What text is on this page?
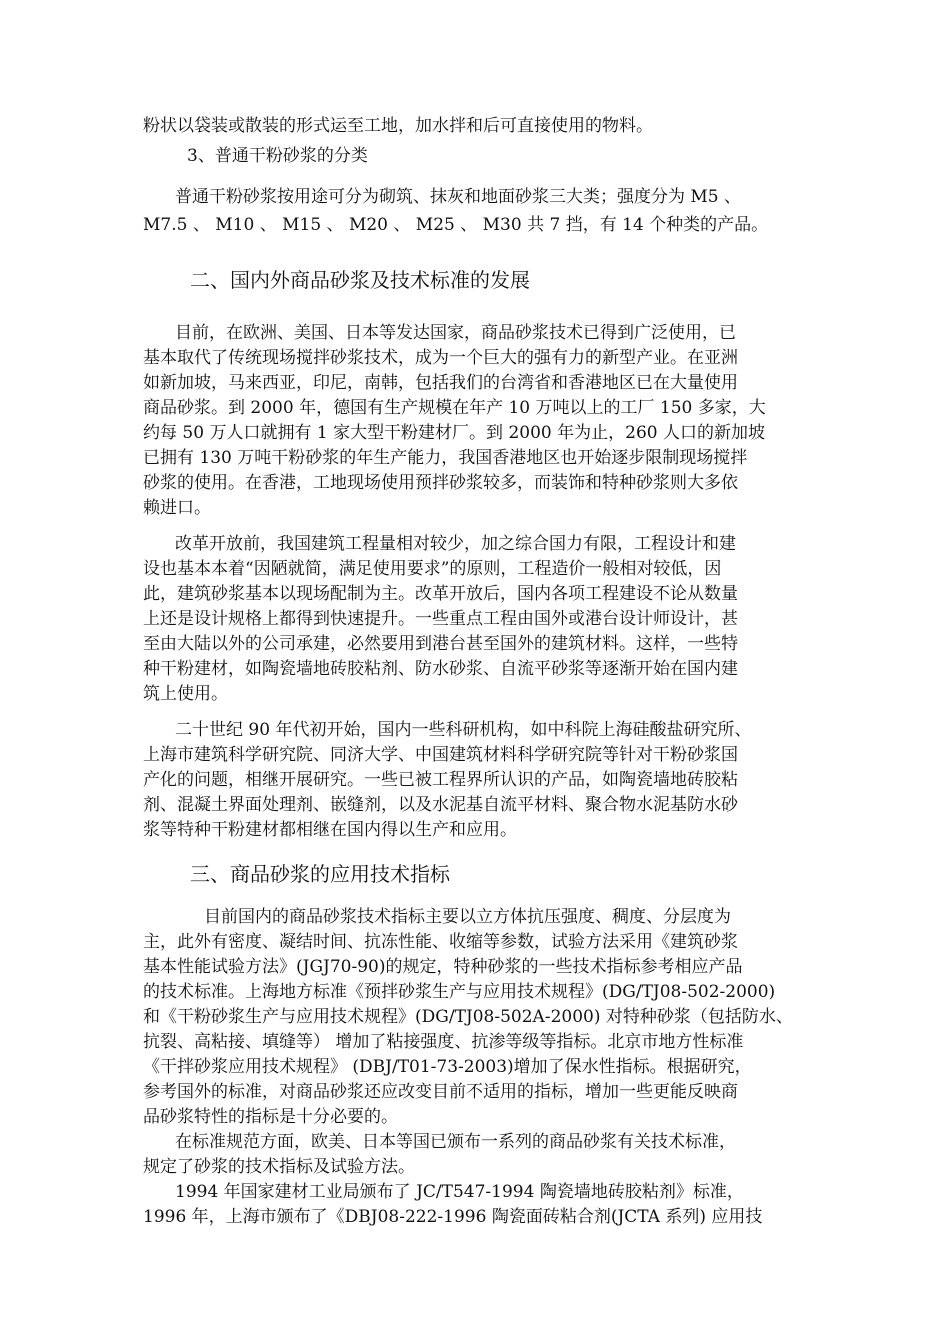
粉状以袋装或散装的形式运至工地，加水拌和后可直接使用的物料。
3、普通干粉砂浆的分类
普通干粉砂浆按用途可分为砌筑、抹灰和地面砂浆三大类；强度分为 M5 、
M7.5 、 M10 、 M15 、 M20 、 M25 、 M30 共 7 挡，有 14 个种类的产品。
二、国内外商品砂浆及技术标准的发展
目前，在欧洲、美国、日本等发达国家，商品砂浆技术已得到广泛使用，已
基本取代了传统现场搅拌砂浆技术，成为一个巨大的强有力的新型产业。在亚洲
如新加坡，马来西亚，印尼，南韩，包括我们的台湾省和香港地区已在大量使用
商品砂浆。到 2000 年，德国有生产规模在年产 10 万吨以上的工厂 150 多家，大
约每 50 万人口就拥有 1 家大型干粉建材厂。到 2000 年为止，260 人口的新加坡
已拥有 130 万吨干粉砂浆的年生产能力，我国香港地区也开始逐步限制现场搅拌
砂浆的使用。在香港，工地现场使用预拌砂浆较多，而装饰和特种砂浆则大多依
赖进口。
改革开放前，我国建筑工程量相对较少，加之综合国力有限，工程设计和建
设也基本本着“因陋就简，满足使用要求”的原则，工程造价一般相对较低，因
此，建筑砂浆基本以现场配制为主。改革开放后，国内各项工程建设不论从数量
上还是设计规格上都得到快速提升。一些重点工程由国外或港台设计师设计，甚
至由大陆以外的公司承建，必然要用到港台甚至国外的建筑材料。这样，一些特
种干粉建材，如陶瓷墙地砖胶粘剂、防水砂浆、自流平砂浆等逐渐开始在国内建
筑上使用。
二十世纪 90 年代初开始，国内一些科研机构，如中科院上海硅酸盐研究所、
上海市建筑科学研究院、同济大学、中国建筑材料科学研究院等针对干粉砂浆国
产化的问题，相继开展研究。一些已被工程界所认识的产品，如陶瓷墙地砖胶粘
剂、混凝土界面处理剂、嵌缝剂，以及水泥基自流平材料、聚合物水泥基防水砂
浆等特种干粉建材都相继在国内得以生产和应用。
三、商品砂浆的应用技术指标
目前国内的商品砂浆技术指标主要以立方体抗压强度、稠度、分层度为
主，此外有密度、凝结时间、抗冻性能、收缩等参数，试验方法采用《建筑砂浆
基本性能试验方法》(JGJ70-90)的规定，特种砂浆的一些技术指标参考相应产品
的技术标准。上海地方标准《预拌砂浆生产与应用技术规程》(DG/TJ08-502-2000)
和《干粉砂浆生产与应用技术规程》(DG/TJ08-502A-2000) 对特种砂浆（包括防水、
抗裂、高粘接、填缝等） 增加了粘接强度、抗渗等级等指标。北京市地方性标准
《干拌砂浆应用技术规程》 (DBJ/T01-73-2003)增加了保水性指标。根据研究，
参考国外的标准，对商品砂浆还应改变目前不适用的指标，增加一些更能反映商
品砂浆特性的指标是十分必要的。
在标准规范方面，欧美、日本等国已颁布一系列的商品砂浆有关技术标准，
规定了砂浆的技术指标及试验方法。
1994 年国家建材工业局颁布了 JC/T547-1994 陶瓷墙地砖胶粘剂》标准，
1996 年，上海市颁布了《DBJ08-222-1996 陶瓷面砖粘合剂(JCTA 系列) 应用技
